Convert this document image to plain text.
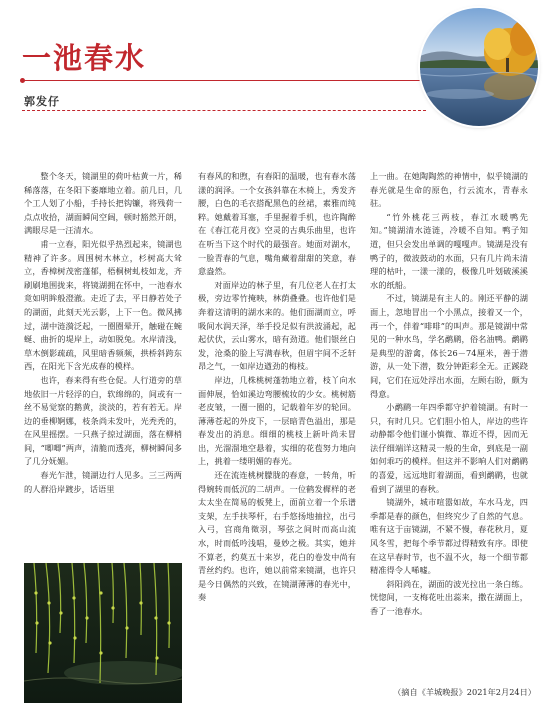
一池春水
郭发仔

整个冬天，镜湖里的荷叶枯黄一片，稀稀落落，在冬阳下萎靡地立着。前几日，几个工人划了小船，手持长把钩镰，将残荷一点点收拾，湖面瞬间空阔，顿时豁然开朗，满眼尽是一汪清水。

甫一立春，阳光似乎热烈起来，镜湖也精神了许多。周围树木林立，杉树高大耸立，香樟树茂密蓬郁，梧桐树虬枝如龙，齐刷刷地围拢来，将镜湖拥在怀中，一池春水竟如明眸般澄澈。走近了去，平日静若处子的湖面，此刻天光云影，上下一色。微风拂过，湖中涟漪泛起，一圈圈晕开，触碰在蜿蜒、曲折的堤岸上，动如脱兔。水岸清浅，草木倒影疏疏，风里暗香频频，拱桥斜跨东西，在阳光下含光成春的模样。

也许，春来得有些仓促。人行道旁的草地依旧一片轻浮的白，软绵绵的，间或有一丝不易觉察的鹅黄，淡淡的，若有若无。岸边的垂柳婀娜，枝条尚未发叶，光秃秃的，在风里摇摆。一只燕子掠过湖面，落在柳梢间，“唧唧”两声，清脆而透亮，柳树瞬间多了几分妩媚。

春光乍泄，镜湖边行人见多。三三两两的人群沿岸踱步，话语里

有春风的和煦，有春阳的温暖，也有春水荡漾的润泽。一个女孩斜靠在木椅上，秀发齐腰，白色的毛衣搭配黑色的丝裙，素雅而纯粹。她戴着耳塞，手里握着手机，也许陶醉在《春江花月夜》空灵的古典乐曲里，也许在听当下这个时代的最强音。她面对湖水，一脸青春的气息，嘴角藏着甜甜的笑意，春意盎然。

对面岸边的林子里，有几位老人在打太极，旁边零竹掩映，林荫叠叠。也许他们是奔着这清明的湖水来的。他们面湖而立，呼吸间水润天泽，举手投足似有洪波涌起，起起伏伏，云山雾水，暗有劲道。他们银丝白发，沧桑的脸上写满春秋，但眉宇间不乏轩昂之气，一如岸边遒劲的梅枝。

岸边，几株桃树蓬勃地立着，枝丫向水面伸展，恰如溪边弯腰梳妆的少女。桃树筋老皮皱，一圈一圈的，记载着年岁的轮回。薄薄苍起的外皮下，一层暗青色溢出，那是春发出的消息。细细的桃枝上新叶尚未冒出，光溜溜地空悬着，实细的花苞努力地向上，挑着一缕明媚的春光。

还在流连桃树朦胧的春意，一转角，听得婉转而低沉的二胡声。一位鹤发樨样的老太太坐在简易的板凳上，面前立着一个乐谱支架，左手扶琴杆，右手悠扬地抽拉，出弓入弓，宫商角徵羽，琴弦之间时而高山流水，时而低吟浅唱，曼妙之极。其实，她并不算老，约莫五十来岁，花白的卷发中尚有青丝约约。也许，她以前常来镜湖，也许只是今日偶然的兴致，在镜湖薄薄的春光中，奏

上一曲。在她陶陶然的神情中，似乎镜湖的春光就是生命的原色，行云流水，青春永驻。

“竹外桃花三两枝，春江水暖鸭先知。”镜湖清水涟涟，冷暖不自知。鸭子知道，但只会发出单调的嘎嘎声。镜湖是没有鸭子的，微波鼓动的水面，只有几片尚未清理的枯叶，一漾一漾的，极像几叶划破溪溪水的纸船。

不过，镜湖是有主人的。刚还平静的湖面上，忽地冒出一个小黑点，接着又一个，再一个，伴着“啡啡”的叫声。那是镜湖中常见的一种水鸟，学名鹬鹛，俗名油鸭。鹬鹛是典型的游禽，体长26－74厘米，善于潜游，从一处下潜，数分钟距彩全无。正蹊跷间，它们在远处浮出水面，左顾右盼，颇为得意。

小鹬鹛一年四季都守护着镜湖。有时一只，有时几只。它们胆小怕人，岸边的些许动静都令他们谨小慎微、靠近不得，因而无法仔细端详这精灵一般的生命，到底是一副如何乖巧的模样。但这并不影响人们对鹬鹛的喜爱，远远地盯着湖面，看到鹬鹛，也就看到了湖里的春秋。

镜湖外，城市喧嚣如故，车水马龙，四季都是春的颜色，但终究少了自然的气息。唯有这于亩镜湖，不紧不慢，春花秋月，夏风冬雪，把每个季节都过得精致有序。即使在这早春时节，也不温不火，每一个细节都精准得令人唏嘘。

斜阳尚在，湖面的波光拉出一条白练。恍惚间，一支梅花吐出蕊来，撒在湖面上，香了一池春水。

（摘自《羊城晚报》2021年2月24日）
